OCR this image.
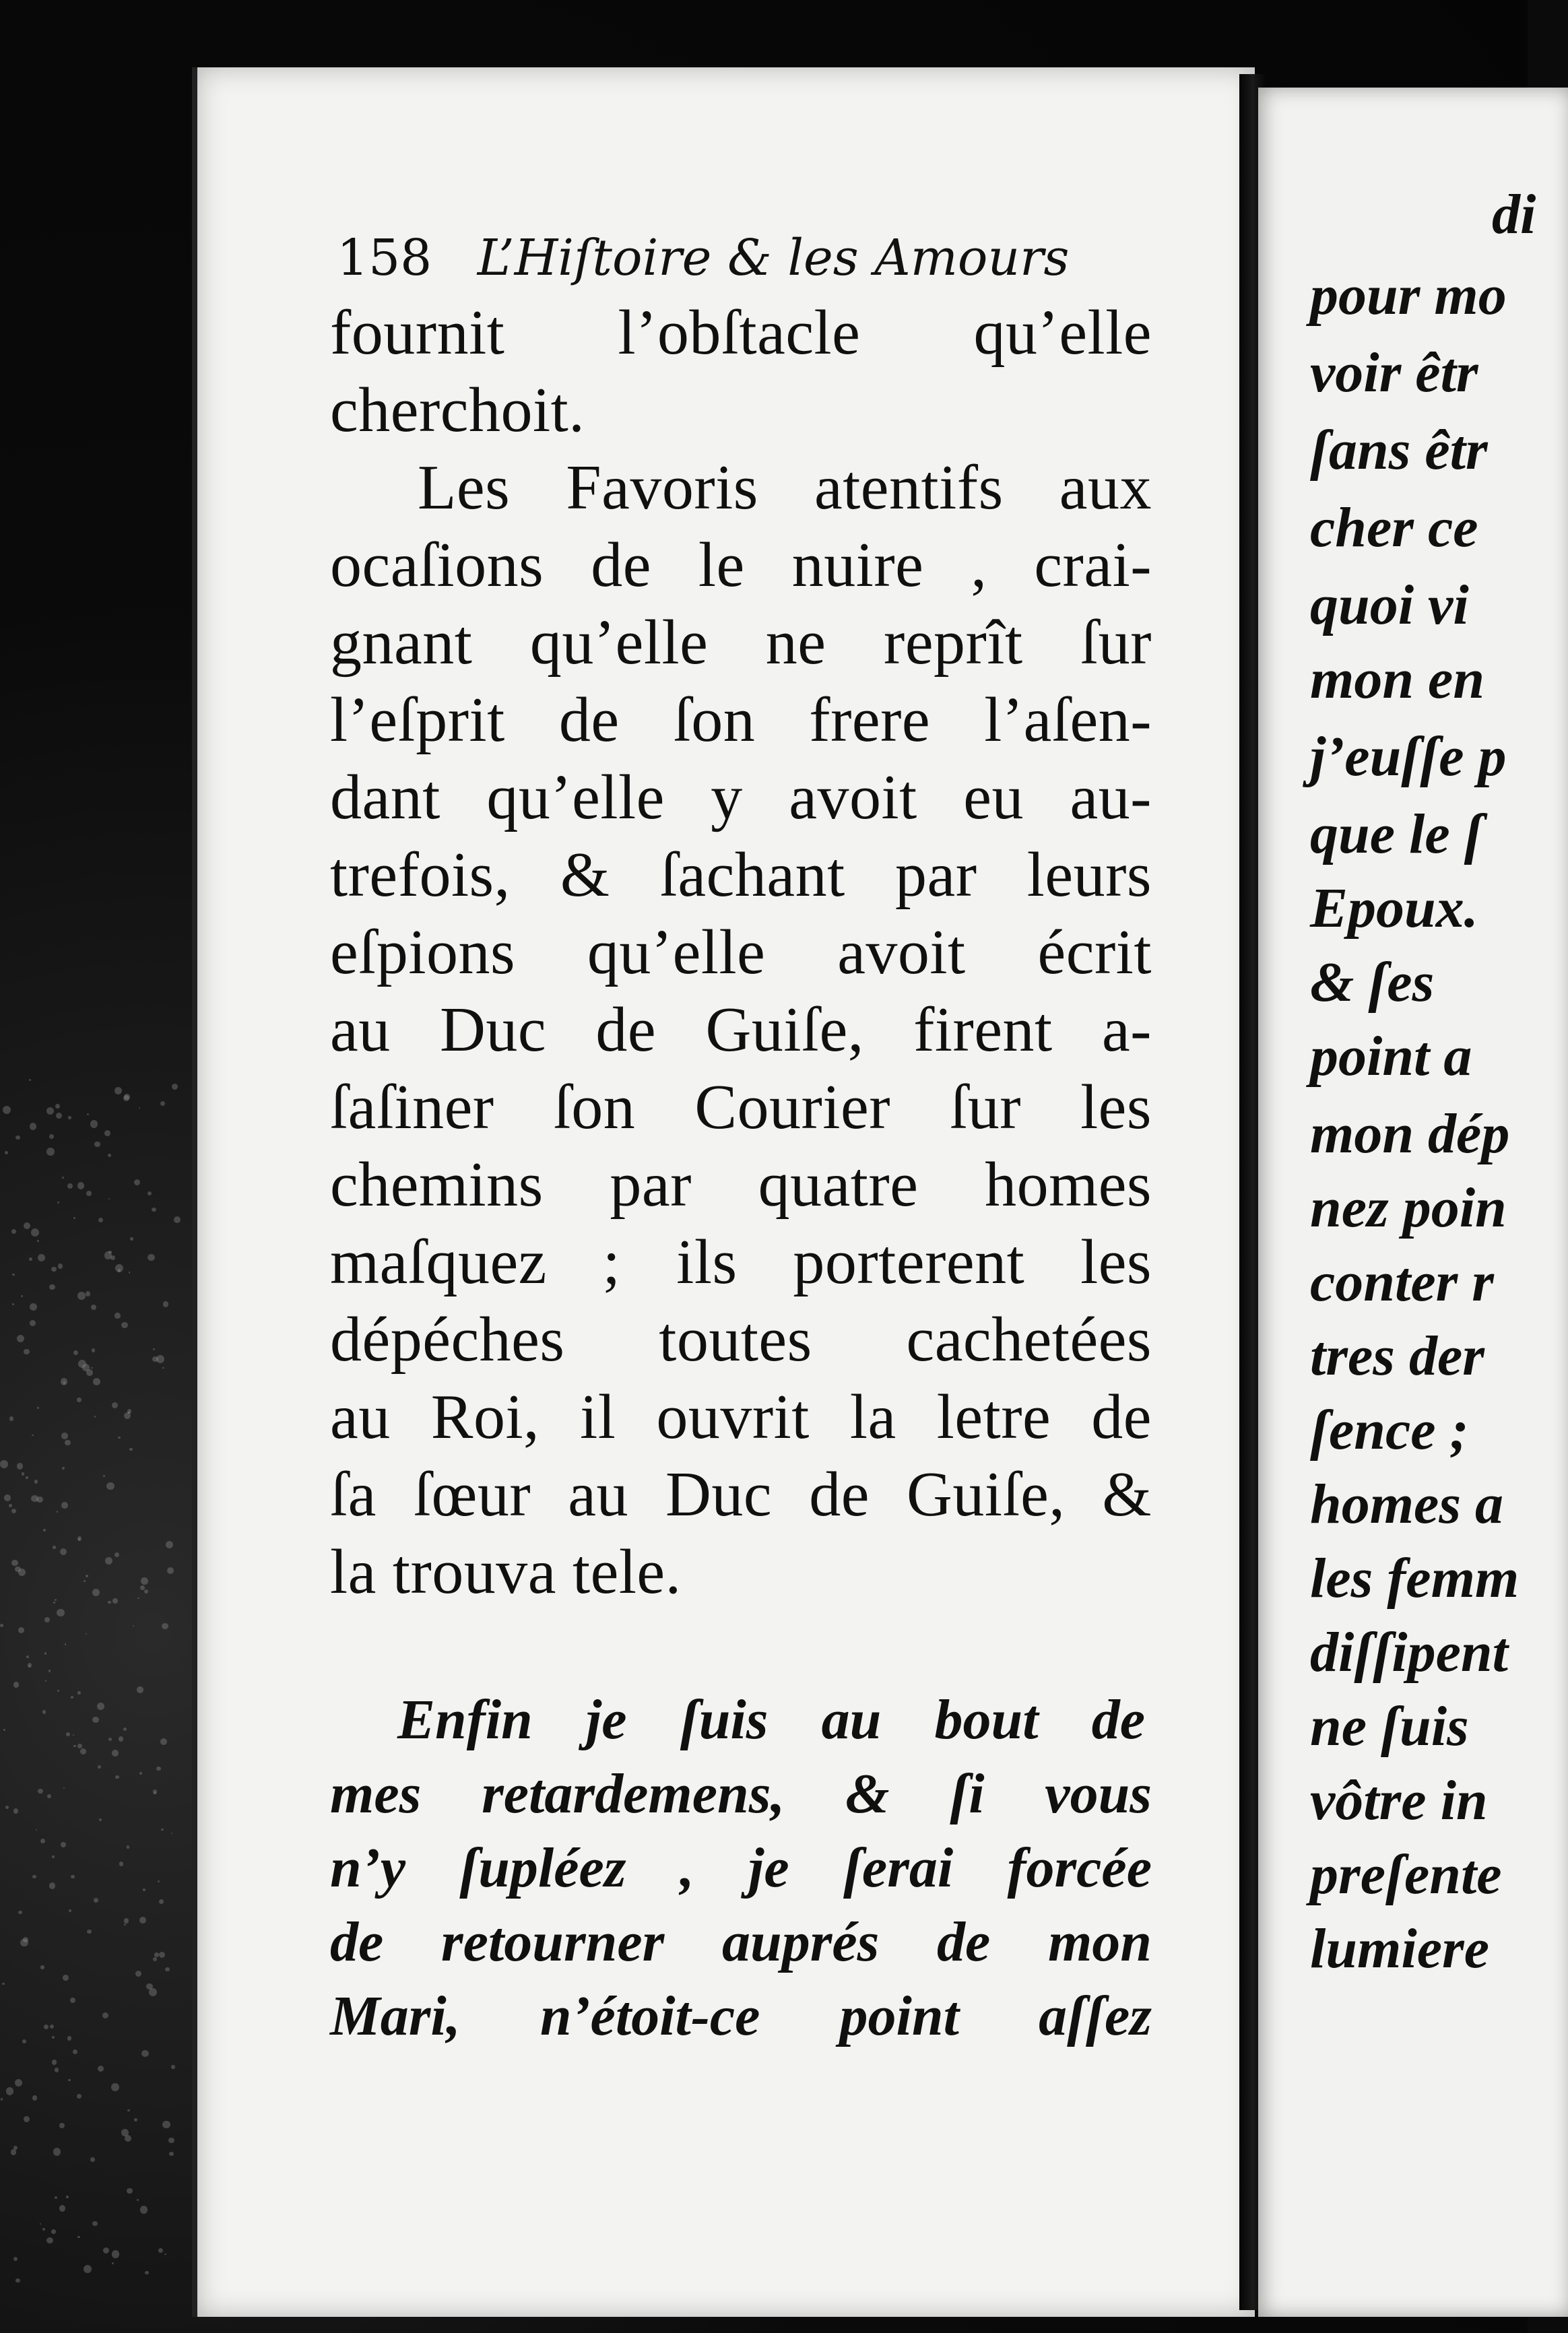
158 L’Hiſtoire & les Amours
fournit l’obſtacle qu’elle
cherchoit.
Les Favoris atentifs aux
ocaſions de le nuire , crai-
gnant qu’elle ne reprît ſur
l’eſprit de ſon frere l’aſen-
dant qu’elle y avoit eu au-
trefois, & ſachant par leurs
eſpions qu’elle avoit écrit
au Duc de Guiſe, firent a-
ſaſiner ſon Courier ſur les
chemins par quatre homes
maſquez ; ils porterent les
dépéches toutes cachetées
au Roi, il ouvrit la letre de
ſa ſœur au Duc de Guiſe, &
la trouva tele.
Enfin je ſuis au bout de
mes retardemens, & ſi vous
n’y ſupléez , je ſerai forcée
de retourner auprés de mon
Mari, n’étoit-ce point aſſez
di
pour mo
voir êtr
ſans êtr
cher ce
quoi vi
mon en
j’euſſe p
que le ſ
Epoux.
& ſes
point a
mon dép
nez poin
conter r
tres der
ſence ;
homes a
les femm
diſſipent
ne ſuis
vôtre in
preſente
lumiere
